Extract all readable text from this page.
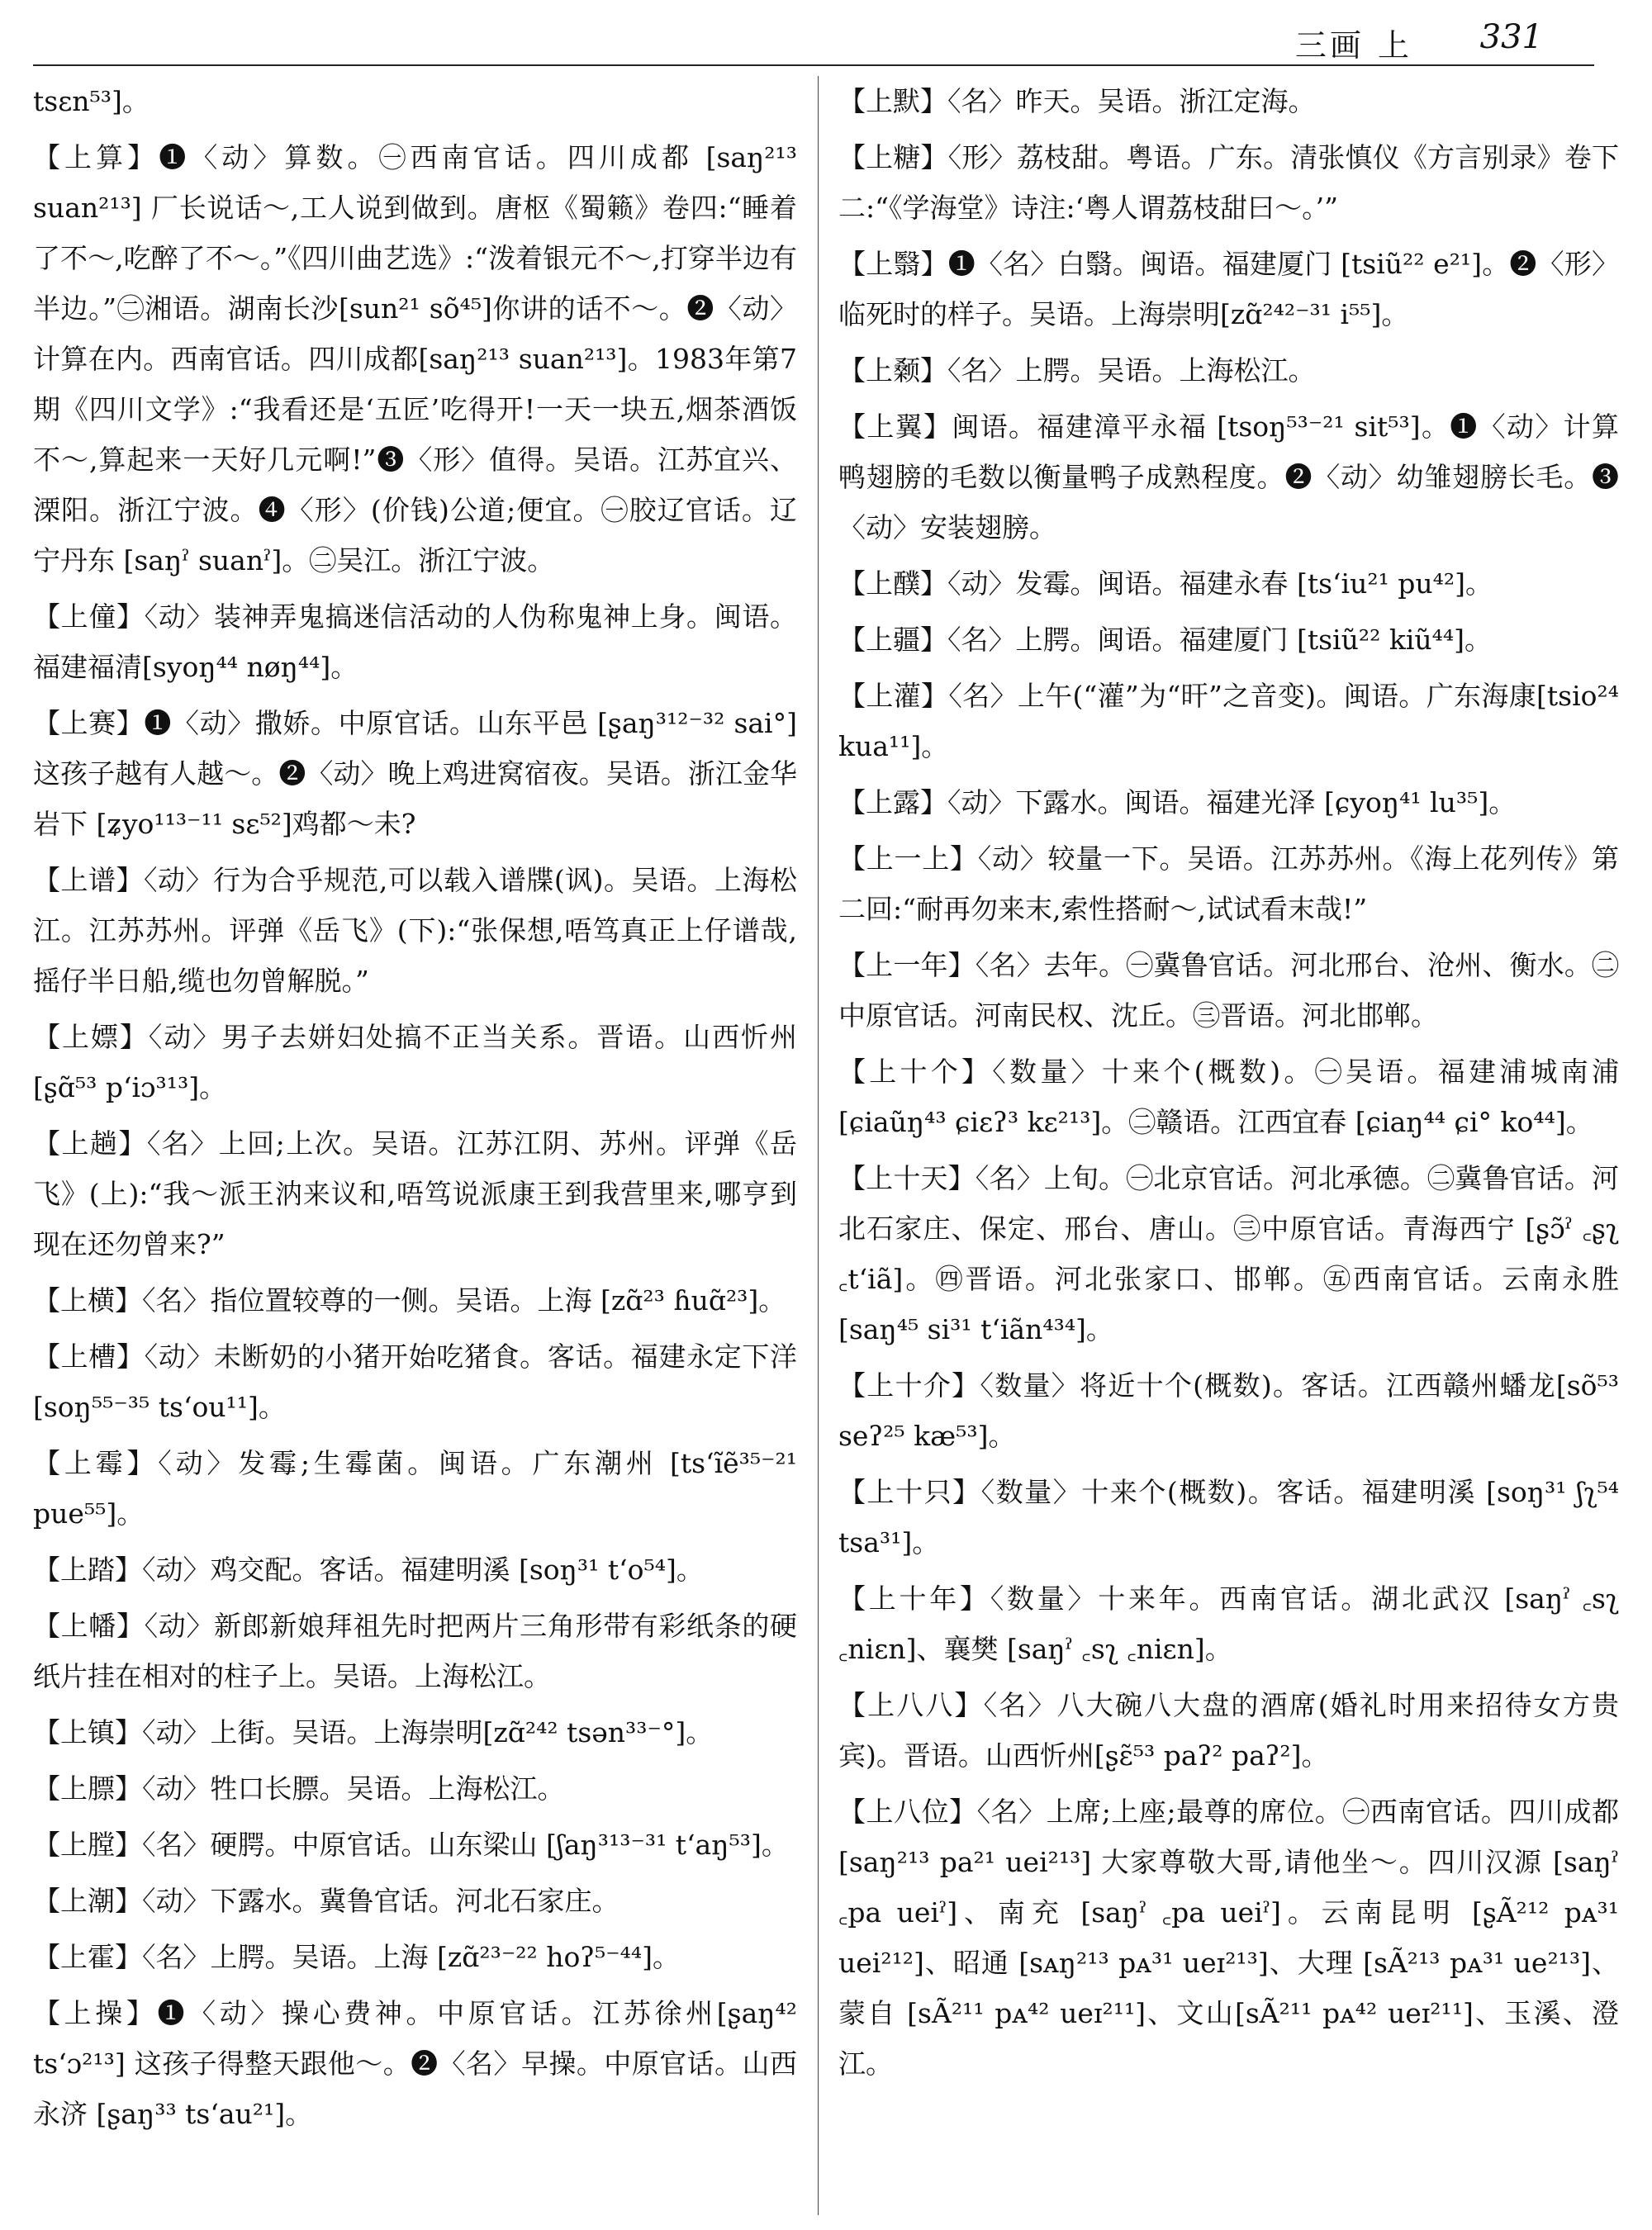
三画 上 331

tsɛn⁵³]。

【上算】❶〈动〉算数。㊀西南官话。四川成都 [saŋ²¹³ suan²¹³] 厂长说话～,工人说到做到。唐枢《蜀籁》卷四:“睡着了不～,吃醉了不～。”《四川曲艺选》:“泼着银元不～,打穿半边有半边。”㊁湘语。湖南长沙[sun²¹ sõ⁴⁵]你讲的话不～。❷〈动〉计算在内。西南官话。四川成都[saŋ²¹³ suan²¹³]。1983年第7期《四川文学》:“我看还是‘五匠’吃得开!一天一块五,烟茶酒饭不～,算起来一天好几元啊!”❸〈形〉值得。吴语。江苏宜兴、溧阳。浙江宁波。❹〈形〉(价钱)公道;便宜。㊀胶辽官话。辽宁丹东 [saŋˀ suanˀ]。㊁吴江。浙江宁波。

【上僮】〈动〉装神弄鬼搞迷信活动的人伪称鬼神上身。闽语。福建福清[syoŋ⁴⁴ nøŋ⁴⁴]。

【上赛】❶〈动〉撒娇。中原官话。山东平邑 [ʂaŋ³¹²⁻³² sai°]这孩子越有人越～。❷〈动〉晚上鸡进窝宿夜。吴语。浙江金华岩下 [ʑyo¹¹³⁻¹¹ sɛ⁵²]鸡都～未?

【上谱】〈动〉行为合乎规范,可以载入谱牒(讽)。吴语。上海松江。江苏苏州。评弹《岳飞》(下):“张保想,唔笃真正上仔谱哉,摇仔半日船,缆也勿曾解脱。”

【上嫖】〈动〉男子去姘妇处搞不正当关系。晋语。山西忻州 [ʂɑ̃⁵³ pʻiɔ³¹³]。

【上趟】〈名〉上回;上次。吴语。江苏江阴、苏州。评弹《岳飞》(上):“我～派王汭来议和,唔笃说派康王到我营里来,哪亨到现在还勿曾来?”

【上横】〈名〉指位置较尊的一侧。吴语。上海 [zɑ̃²³ ɦuɑ̃²³]。

【上槽】〈动〉未断奶的小猪开始吃猪食。客话。福建永定下洋 [soŋ⁵⁵⁻³⁵ tsʻou¹¹]。

【上霉】〈动〉发霉;生霉菌。闽语。广东潮州 [tsʻĩẽ³⁵⁻²¹ pue⁵⁵]。

【上踏】〈动〉鸡交配。客话。福建明溪 [soŋ³¹ tʻo⁵⁴]。

【上幡】〈动〉新郎新娘拜祖先时把两片三角形带有彩纸条的硬纸片挂在相对的柱子上。吴语。上海松江。

【上镇】〈动〉上街。吴语。上海崇明[zɑ̃²⁴² tsən³³⁻°]。

【上膘】〈动〉牲口长膘。吴语。上海松江。

【上膛】〈名〉硬腭。中原官话。山东梁山 [ʃaŋ³¹³⁻³¹ tʻaŋ⁵³]。

【上潮】〈动〉下露水。冀鲁官话。河北石家庄。

【上霍】〈名〉上腭。吴语。上海 [zɑ̃²³⁻²² hoʔ⁵⁻⁴⁴]。

【上操】❶〈动〉操心费神。中原官话。江苏徐州[ʂaŋ⁴² tsʻɔ²¹³] 这孩子得整天跟他～。❷〈名〉早操。中原官话。山西永济 [ʂaŋ³³ tsʻau²¹]。

【上默】〈名〉昨天。吴语。浙江定海。

【上糖】〈形〉荔枝甜。粤语。广东。清张慎仪《方言别录》卷下二:“《学海堂》诗注:‘粤人谓荔枝甜曰～。’”

【上翳】❶〈名〉白翳。闽语。福建厦门 [tsiũ²² e²¹]。❷〈形〉临死时的样子。吴语。上海崇明[zɑ̃²⁴²⁻³¹ i⁵⁵]。

【上颡】〈名〉上腭。吴语。上海松江。

【上翼】闽语。福建漳平永福 [tsoŋ⁵³⁻²¹ sit⁵³]。❶〈动〉计算鸭翅膀的毛数以衡量鸭子成熟程度。❷〈动〉幼雏翅膀长毛。❸〈动〉安装翅膀。

【上醭】〈动〉发霉。闽语。福建永春 [tsʻiu²¹ pu⁴²]。

【上疆】〈名〉上腭。闽语。福建厦门 [tsiũ²² kiũ⁴⁴]。

【上灌】〈名〉上午(“灌”为“旰”之音变)。闽语。广东海康[tsio²⁴ kua¹¹]。

【上露】〈动〉下露水。闽语。福建光泽 [ɕyoŋ⁴¹ lu³⁵]。

【上一上】〈动〉较量一下。吴语。江苏苏州。《海上花列传》第二回:“耐再勿来末,索性搭耐～,试试看末哉!”

【上一年】〈名〉去年。㊀冀鲁官话。河北邢台、沧州、衡水。㊁中原官话。河南民权、沈丘。㊂晋语。河北邯郸。

【上十个】〈数量〉十来个(概数)。㊀吴语。福建浦城南浦[ɕiaũŋ⁴³ ɕiɛʔ³ kɛ²¹³]。㊁赣语。江西宜春 [ɕiaŋ⁴⁴ ɕi° ko⁴⁴]。

【上十天】〈名〉上旬。㊀北京官话。河北承德。㊁冀鲁官话。河北石家庄、保定、邢台、唐山。㊂中原官话。青海西宁 [ʂɔ̃ˀ ꜀ʂʅ ꜀tʻiã]。㊃晋语。河北张家口、邯郸。㊄西南官话。云南永胜 [saŋ⁴⁵ si³¹ tʻiãn⁴³⁴]。

【上十介】〈数量〉将近十个(概数)。客话。江西赣州蟠龙[sõ⁵³ seʔ²⁵ kæ⁵³]。

【上十只】〈数量〉十来个(概数)。客话。福建明溪 [soŋ³¹ ʃʅ⁵⁴ tsa³¹]。

【上十年】〈数量〉十来年。西南官话。湖北武汉 [saŋˀ ꜀sʅ ꜀niɛn]、襄樊 [saŋˀ ꜀sʅ ꜀niɛn]。

【上八八】〈名〉八大碗八大盘的酒席(婚礼时用来招待女方贵宾)。晋语。山西忻州[ʂɛ̃⁵³ paʔ² paʔ²]。

【上八位】〈名〉上席;上座;最尊的席位。㊀西南官话。四川成都 [saŋ²¹³ pa²¹ uei²¹³] 大家尊敬大哥,请他坐～。四川汉源 [saŋˀ ꜀pa ueiˀ]、南充 [saŋˀ ꜀pa ueiˀ]。云南昆明 [ʂÃ²¹² pᴀ³¹ uei²¹²]、昭通 [sᴀŋ²¹³ pᴀ³¹ ueɪ²¹³]、大理 [sÃ²¹³ pᴀ³¹ ue²¹³]、蒙自 [sÃ²¹¹ pᴀ⁴² ueɪ²¹¹]、文山[sÃ²¹¹ pᴀ⁴² ueɪ²¹¹]、玉溪、澄江。
